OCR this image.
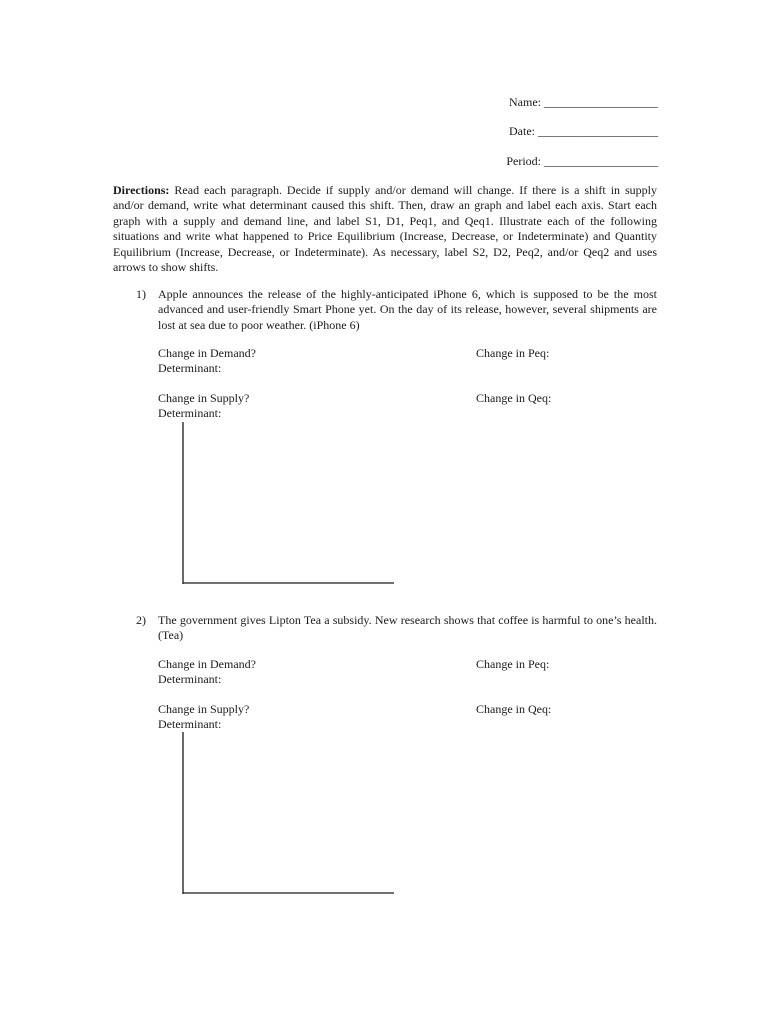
Name: ___________________
Date: ____________________
Period: ___________________
Directions: Read each paragraph. Decide if supply and/or demand will change. If there is a shift in supply and/or demand, write what determinant caused this shift. Then, draw an graph and label each axis. Start each graph with a supply and demand line, and label S1, D1, Peq1, and Qeq1. Illustrate each of the following situations and write what happened to Price Equilibrium (Increase, Decrease, or Indeterminate) and Quantity Equilibrium (Increase, Decrease, or Indeterminate). As necessary, label S2, D2, Peq2, and/or Qeq2 and uses arrows to show shifts.
1) Apple announces the release of the highly-anticipated iPhone 6, which is supposed to be the most advanced and user-friendly Smart Phone yet. On the day of its release, however, several shipments are lost at sea due to poor weather. (iPhone 6)
Change in Demand?
Determinant:
Change in Peq:
Change in Supply?
Determinant:
Change in Qeq:
2) The government gives Lipton Tea a subsidy. New research shows that coffee is harmful to one’s health. (Tea)
Change in Demand?
Determinant:
Change in Peq:
Change in Supply?
Determinant:
Change in Qeq:
